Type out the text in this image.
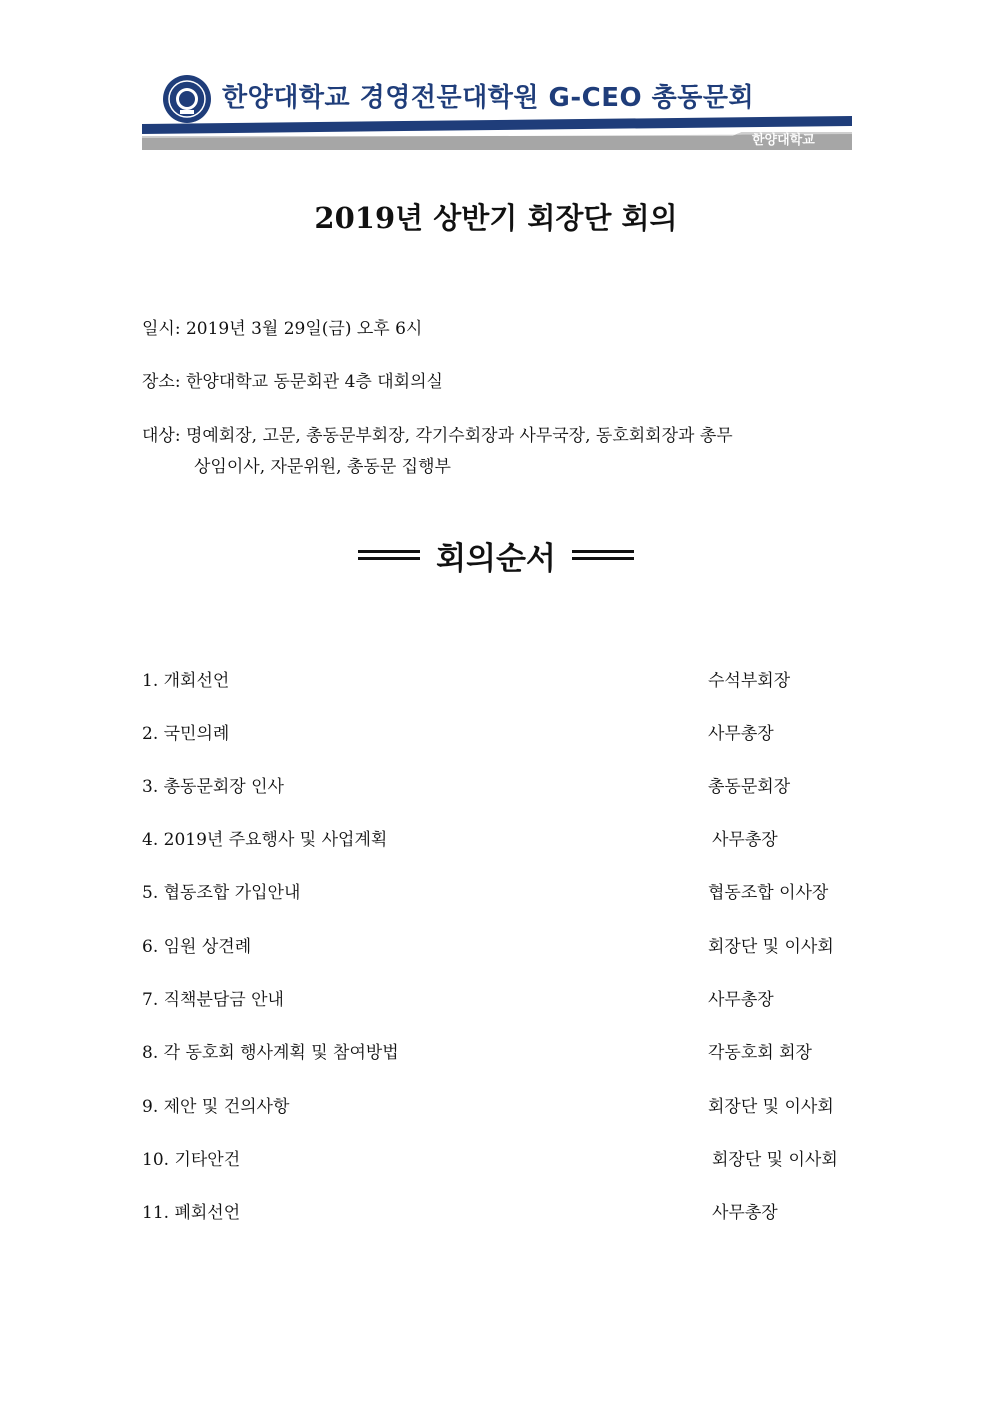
한양대학교 경영전문대학원 G-CEO 총동문회
한양대학교
2019년 상반기 회장단 회의
일시: 2019년 3월 29일(금) 오후 6시
장소: 한양대학교 동문회관 4층 대회의실
대상: 명예회장, 고문, 총동문부회장, 각기수회장과 사무국장, 동호회회장과 총무
상임이사, 자문위원, 총동문 집행부
회의순서
1. 개회선언	수석부회장
2. 국민의례	사무총장
3. 총동문회장 인사	총동문회장
4. 2019년 주요행사 및 사업계획	사무총장
5. 협동조합 가입안내	협동조합 이사장
6. 임원 상견례	회장단 및 이사회
7. 직책분담금 안내	사무총장
8. 각 동호회 행사계획 및 참여방법	각동호회 회장
9. 제안 및 건의사항	회장단 및 이사회
10. 기타안건	회장단 및 이사회
11. 폐회선언	사무총장
